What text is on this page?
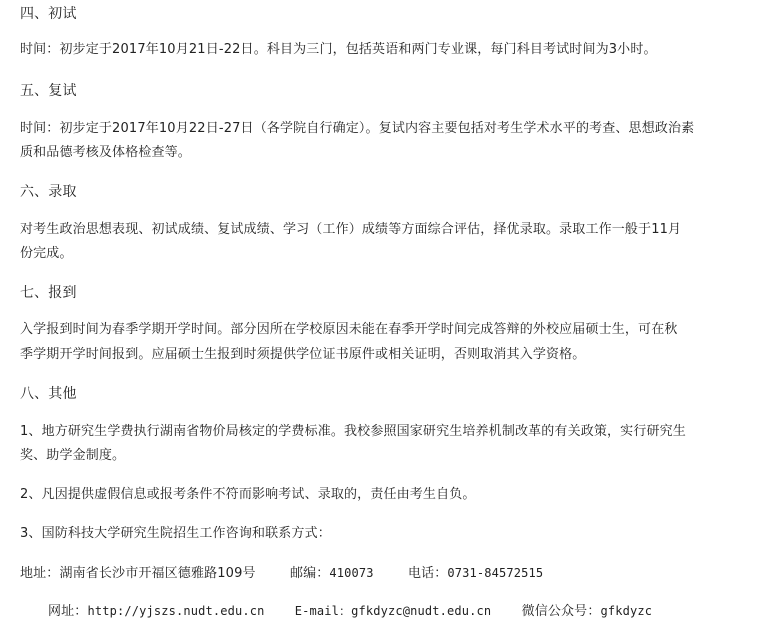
四、初试
时间：初步定于2017年10月21日-22日。科目为三门，包括英语和两门专业课，每门科目考试时间为3小时。
五、复试
时间：初步定于2017年10月22日-27日（各学院自行确定）。复试内容主要包括对考生学术水平的考查、思想政治素
质和品德考核及体格检查等。
六、录取
对考生政治思想表现、初试成绩、复试成绩、学习（工作）成绩等方面综合评估，择优录取。录取工作一般于11月
份完成。
七、报到
入学报到时间为春季学期开学时间。部分因所在学校原因未能在春季开学时间完成答辩的外校应届硕士生，可在秋
季学期开学时间报到。应届硕士生报到时须提供学位证书原件或相关证明，否则取消其入学资格。
八、其他
1、地方研究生学费执行湖南省物价局核定的学费标准。我校参照国家研究生培养机制改革的有关政策，实行研究生
奖、助学金制度。
2、凡因提供虚假信息或报考条件不符而影响考试、录取的，责任由考生自负。
3、国防科技大学研究生院招生工作咨询和联系方式：
地址：湖南省长沙市开福区德雅路109号	邮编：410073	电话：0731-84572515
网址：http://yjszs.nudt.edu.cn	E-mail：gfkdyzc@nudt.edu.cn 微信公众号：gfkdyzc
